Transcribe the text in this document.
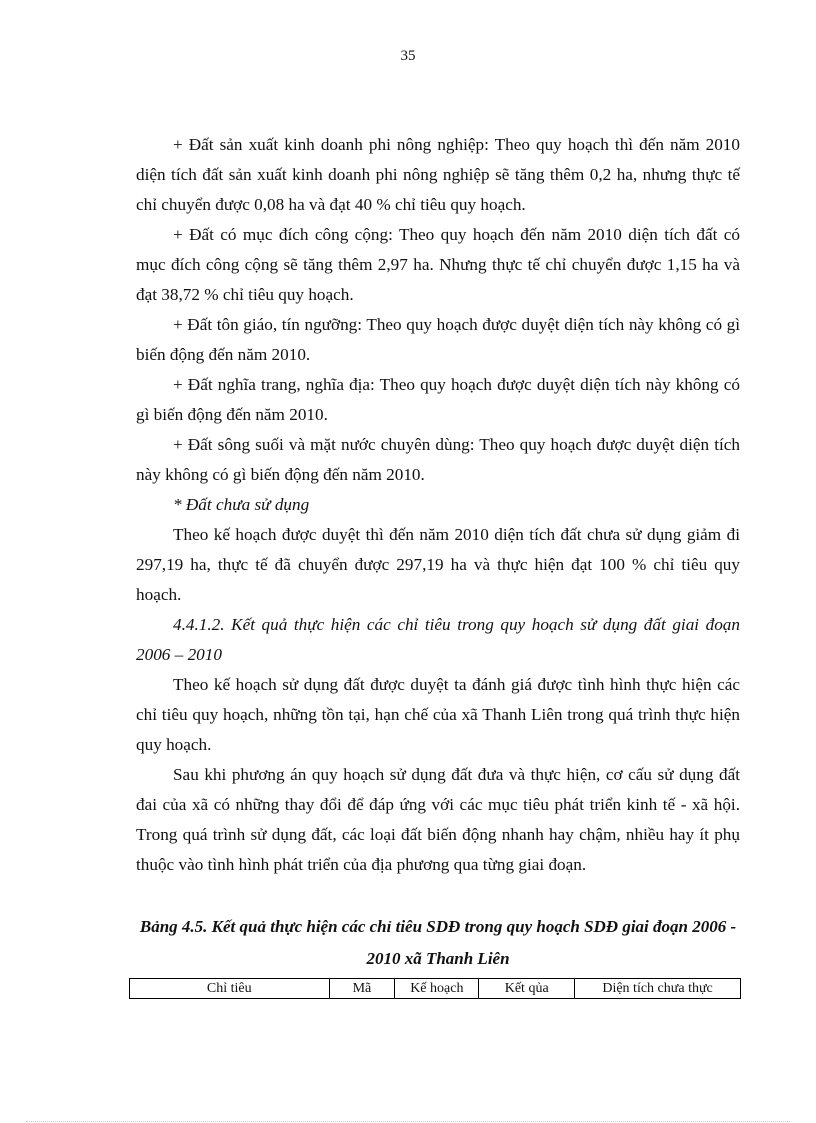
35

+ Đất sản xuất kinh doanh phi nông nghiệp: Theo quy hoạch thì đến năm 2010 diện tích đất sản xuất kinh doanh phi nông nghiệp sẽ tăng thêm 0,2 ha, nhưng thực tế chỉ chuyển được 0,08 ha và đạt 40 % chỉ tiêu quy hoạch.

+ Đất có mục đích công cộng: Theo quy hoạch đến năm 2010 diện tích đất có mục đích công cộng sẽ tăng thêm 2,97 ha. Nhưng thực tế chỉ chuyển được 1,15 ha và đạt 38,72 % chỉ tiêu quy hoạch.

+ Đất tôn giáo, tín ngưỡng: Theo quy hoạch được duyệt diện tích này không có gì biến động đến năm 2010.

+ Đất nghĩa trang, nghĩa địa: Theo quy hoạch được duyệt diện tích này không có gì biến động đến năm 2010.

+ Đất sông suối và mặt nước chuyên dùng: Theo quy hoạch được duyệt diện tích này không có gì biến động đến năm 2010.

* Đất chưa sử dụng

Theo kế hoạch được duyệt thì đến năm 2010 diện tích đất chưa sử dụng giảm đi 297,19 ha, thực tế đã chuyển được 297,19 ha và thực hiện đạt 100 % chỉ tiêu quy hoạch.

4.4.1.2. Kết quả thực hiện các chỉ tiêu trong quy hoạch sử dụng đất giai đoạn 2006 – 2010

Theo kế hoạch sử dụng đất được duyệt ta đánh giá được tình hình thực hiện các chỉ tiêu quy hoạch, những tồn tại, hạn chế của xã Thanh Liên trong quá trình thực hiện quy hoạch.

Sau khi phương án quy hoạch sử dụng đất đưa và thực hiện, cơ cấu sử dụng đất đai của xã có những thay đổi để đáp ứng với các mục tiêu phát triển kinh tế - xã hội. Trong quá trình sử dụng đất, các loại đất biến động nhanh hay chậm, nhiều hay ít phụ thuộc vào tình hình phát triển của địa phương qua từng giai đoạn.

Bảng 4.5. Kết quả thực hiện các chỉ tiêu SDĐ trong quy hoạch SDĐ giai đoạn 2006 - 2010 xã Thanh Liên
Chỉ tiêu	Mã	Kế hoạch	Kết qủa	Diện tích chưa thực
